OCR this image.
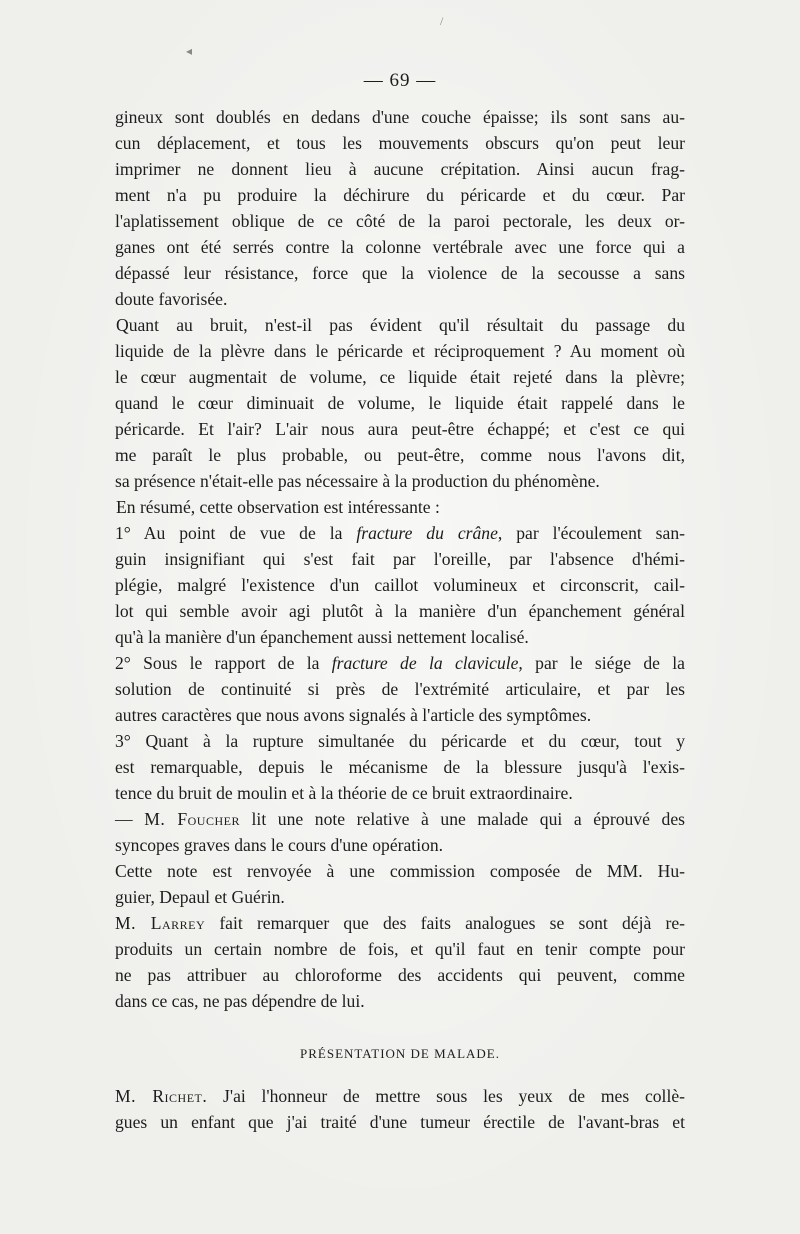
/
◂
— 69 —
gineux sont doublés en dedans d'une couche épaisse; ils sont sans au-
cun déplacement, et tous les mouvements obscurs qu'on peut leur
imprimer ne donnent lieu à aucune crépitation. Ainsi aucun frag-
ment n'a pu produire la déchirure du péricarde et du cœur. Par
l'aplatissement oblique de ce côté de la paroi pectorale, les deux or-
ganes ont été serrés contre la colonne vertébrale avec une force qui a
dépassé leur résistance, force que la violence de la secousse a sans
doute favorisée.
Quant au bruit, n'est-il pas évident qu'il résultait du passage du
liquide de la plèvre dans le péricarde et réciproquement ? Au moment où
le cœur augmentait de volume, ce liquide était rejeté dans la plèvre;
quand le cœur diminuait de volume, le liquide était rappelé dans le
péricarde. Et l'air? L'air nous aura peut-être échappé; et c'est ce qui
me paraît le plus probable, ou peut-être, comme nous l'avons dit,
sa présence n'était-elle pas nécessaire à la production du phénomène.
En résumé, cette observation est intéressante :
1° Au point de vue de la fracture du crâne, par l'écoulement san-
guin insignifiant qui s'est fait par l'oreille, par l'absence d'hémi-
plégie, malgré l'existence d'un caillot volumineux et circonscrit, cail-
lot qui semble avoir agi plutôt à la manière d'un épanchement général
qu'à la manière d'un épanchement aussi nettement localisé.
2° Sous le rapport de la fracture de la clavicule, par le siége de la
solution de continuité si près de l'extrémité articulaire, et par les
autres caractères que nous avons signalés à l'article des symptômes.
3° Quant à la rupture simultanée du péricarde et du cœur, tout y
est remarquable, depuis le mécanisme de la blessure jusqu'à l'exis-
tence du bruit de moulin et à la théorie de ce bruit extraordinaire.
— M. Foucher lit une note relative à une malade qui a éprouvé des
syncopes graves dans le cours d'une opération.
Cette note est renvoyée à une commission composée de MM. Hu-
guier, Depaul et Guérin.
M. Larrey fait remarquer que des faits analogues se sont déjà re-
produits un certain nombre de fois, et qu'il faut en tenir compte pour
ne pas attribuer au chloroforme des accidents qui peuvent, comme
dans ce cas, ne pas dépendre de lui.
PRÉSENTATION DE MALADE.
M. Richet. J'ai l'honneur de mettre sous les yeux de mes collè-
gues un enfant que j'ai traité d'une tumeur érectile de l'avant-bras et
